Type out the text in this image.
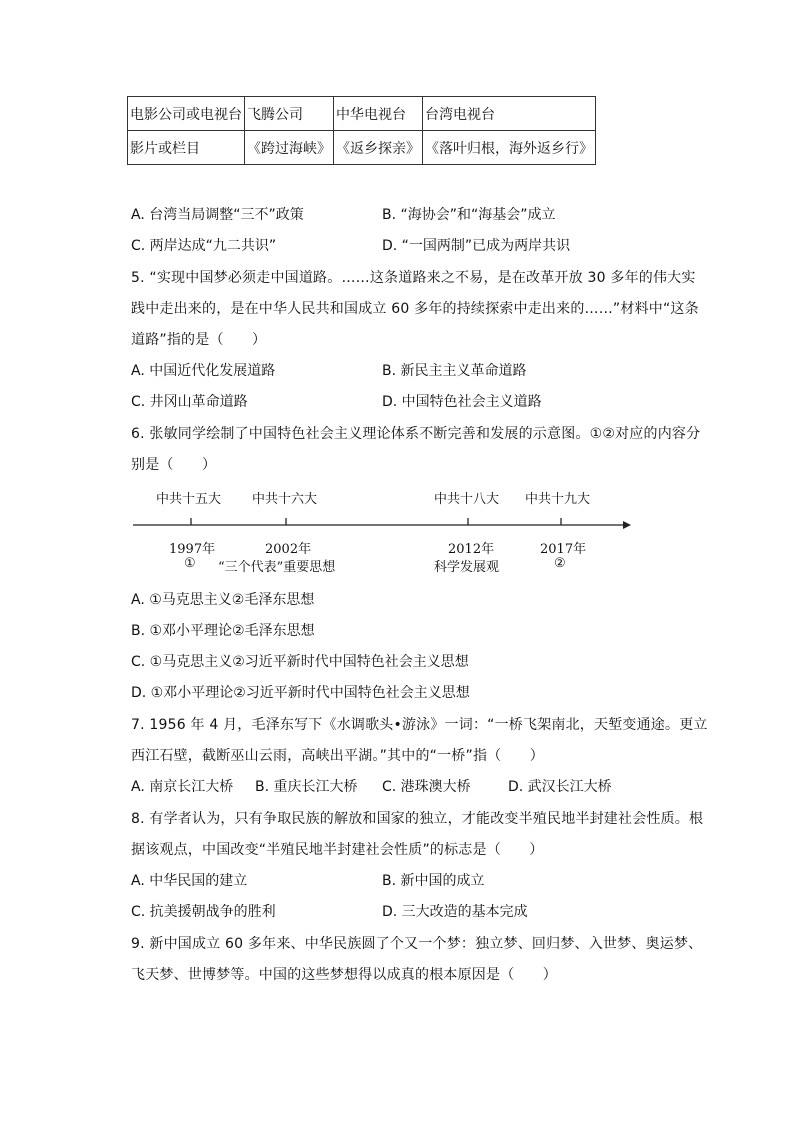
电影公司或电视台	飞腾公司	中华电视台	台湾电视台
影片或栏目	《跨过海峡》	《返乡探亲》	《落叶归根，海外返乡行》
A. 台湾当局调整“三不”政策	B. “海协会”和“海基会”成立
C. 两岸达成“九二共识”	D. “一国两制”已成为两岸共识
5. “实现中国梦必须走中国道路。……这条道路来之不易，是在改革开放 30 多年的伟大实
践中走出来的，是在中华人民共和国成立 60 多年的持续探索中走出来的……”材料中“这条
道路”指的是（　　）
A. 中国近代化发展道路	B. 新民主主义革命道路
C. 井冈山革命道路	D. 中国特色社会主义道路
6. 张敏同学绘制了中国特色社会主义理论体系不断完善和发展的示意图。①②对应的内容分
别是（　　）
中共十五大 中共十六大	中共十八大 中共十九大
1997年	2002年	2012年	2017年
① “三个代表”重要思想	科学发展观	②
A. ①马克思主义②毛泽东思想
B. ①邓小平理论②毛泽东思想
C. ①马克思主义②习近平新时代中国特色社会主义思想
D. ①邓小平理论②习近平新时代中国特色社会主义思想
7. 1956 年 4 月，毛泽东写下《水调歌头•游泳》一词：“一桥飞架南北，天堑变通途。更立
西江石壁，截断巫山云雨，高峡出平湖。”其中的“一桥”指（　　）
A. 南京长江大桥 B. 重庆长江大桥 C. 港珠澳大桥	D. 武汉长江大桥
8. 有学者认为，只有争取民族的解放和国家的独立，才能改变半殖民地半封建社会性质。根
据该观点，中国改变“半殖民地半封建社会性质”的标志是（　　）
A. 中华民国的建立	B. 新中国的成立
C. 抗美援朝战争的胜利	D. 三大改造的基本完成
9. 新中国成立 60 多年来、中华民族圆了个又一个梦：独立梦、回归梦、入世梦、奥运梦、
飞天梦、世博梦等。中国的这些梦想得以成真的根本原因是（　　）
